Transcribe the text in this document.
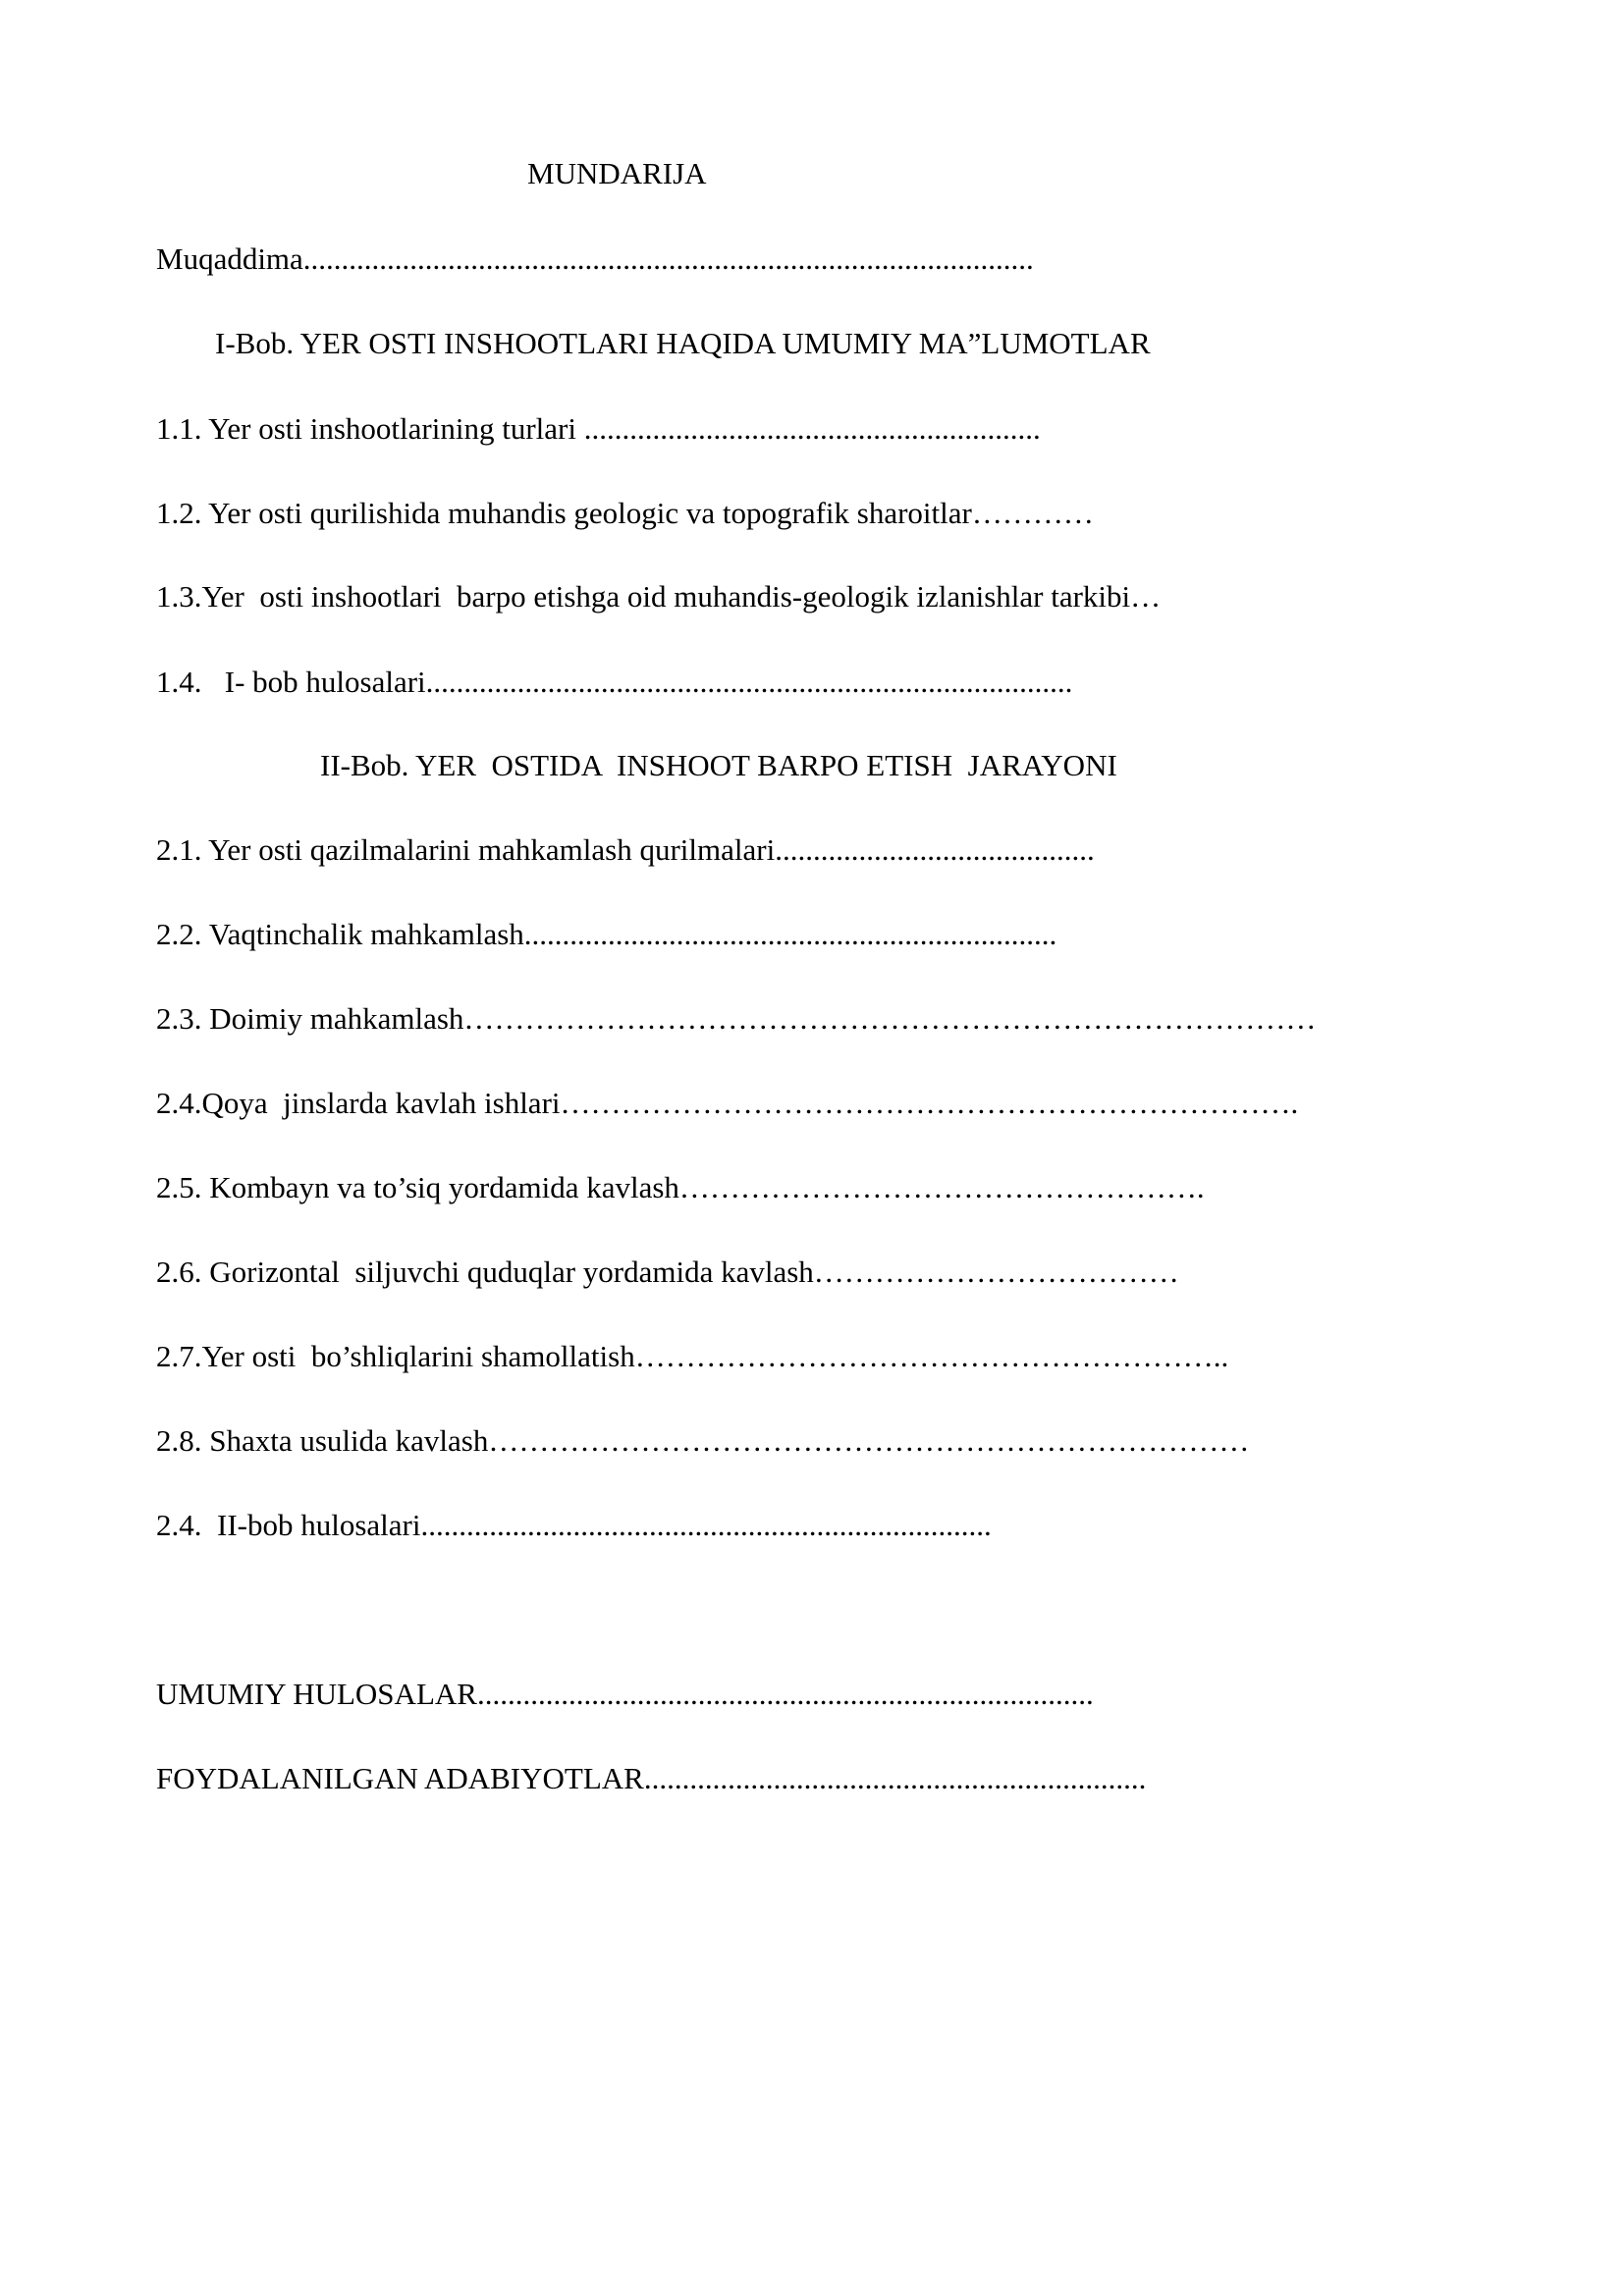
MUNDARIJA

Muqaddima................................................................................................

I-Bob. YER OSTI INSHOOTLARI HAQIDA UMUMIY MA”LUMOTLAR

1.1. Yer osti inshootlarining turlari ............................................................

1.2. Yer osti qurilishida muhandis geologic va topografik sharoitlar…………

1.3.Yer  osti inshootlari  barpo etishga oid muhandis-geologik izlanishlar tarkibi…

1.4.   I- bob hulosalari.....................................................................................

II-Bob. YER  OSTIDA  INSHOOT BARPO ETISH  JARAYONI

2.1. Yer osti qazilmalarini mahkamlash qurilmalari..........................................

2.2. Vaqtinchalik mahkamlash......................................................................

2.3. Doimiy mahkamlash…………………………………………………………………………

2.4.Qoya  jinslarda kavlah ishlari……………………………………………………………….

2.5. Kombayn va to’siq yordamida kavlash…………………………………………….

2.6. Gorizontal  siljuvchi quduqlar yordamida kavlash………………………………

2.7.Yer osti  bo’shliqlarini shamollatish…………………………………………………..

2.8. Shaxta usulida kavlash…………………………………………………………………

2.4.  II-bob hulosalari...........................................................................

UMUMIY HULOSALAR.................................................................................

FOYDALANILGAN ADABIYOTLAR..................................................................
